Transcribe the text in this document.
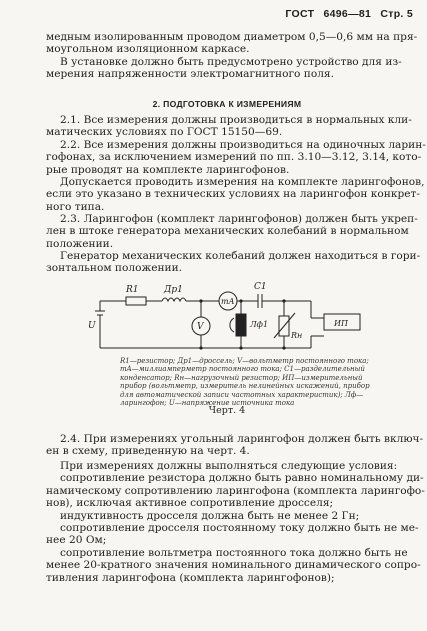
ГОСТ 6496—81 Стр. 5
медным изолированным проводом диаметром 0,5—0,6 мм на пря-
моугольном изоляционном каркасе.
В установке должно быть предусмотрено устройство для из-
мерения напряженности электромагнитного поля.
2. ПОДГОТОВКА К ИЗМЕРЕНИЯМ
2.1. Все измерения должны производиться в нормальных кли-
матических условиях по ГОСТ 15150—69.
2.2. Все измерения должны производиться на одиночных ларин-
гофонах, за исключением измерений по пп. 3.10—3.12, 3.14, кото-
рые проводят на комплекте ларингофонов.
Допускается проводить измерения на комплекте ларингофонов,
если это указано в технических условиях на ларингофон конкрет-
ного типа.
2.3. Ларингофон (комплект ларингофонов) должен быть укреп-
лен в штоке генератора механических колебаний в нормальном
положении.
Генератор механических колебаний должен находиться в гори-
зонтальном положении.
R1	Др1
mA
C1
V	Лф1
Rн
ИП
U
R1—резистор; Др1—дроссель; V—вольтметр постоянного тока;
mA—миллиамперметр постоянного тока; C1—разделительный
конденсатор; Rн—нагрузочный резистор; ИП—измерительный
прибор (вольтметр, измеритель нелинейных искажений, прибор
для автоматической записи частотных характеристик); Лф—
ларингофон; U—напряжение источника тока
Черт. 4
2.4. При измерениях угольный ларингофон должен быть включ-
ен в схему, приведенную на черт. 4.
При измерениях должны выполняться следующие условия:
сопротивление резистора должно быть равно номинальному ди-
намическому сопротивлению ларингофона (комплекта ларингофо-
нов), исключая активное сопротивление дросселя;
индуктивность дросселя должна быть не менее 2 Гн;
сопротивление дросселя постоянному току должно быть не ме-
нее 20 Ом;
сопротивление вольтметра постоянного тока должно быть не
менее 20-кратного значения номинального динамического сопро-
тивления ларингофона (комплекта ларингофонов);
